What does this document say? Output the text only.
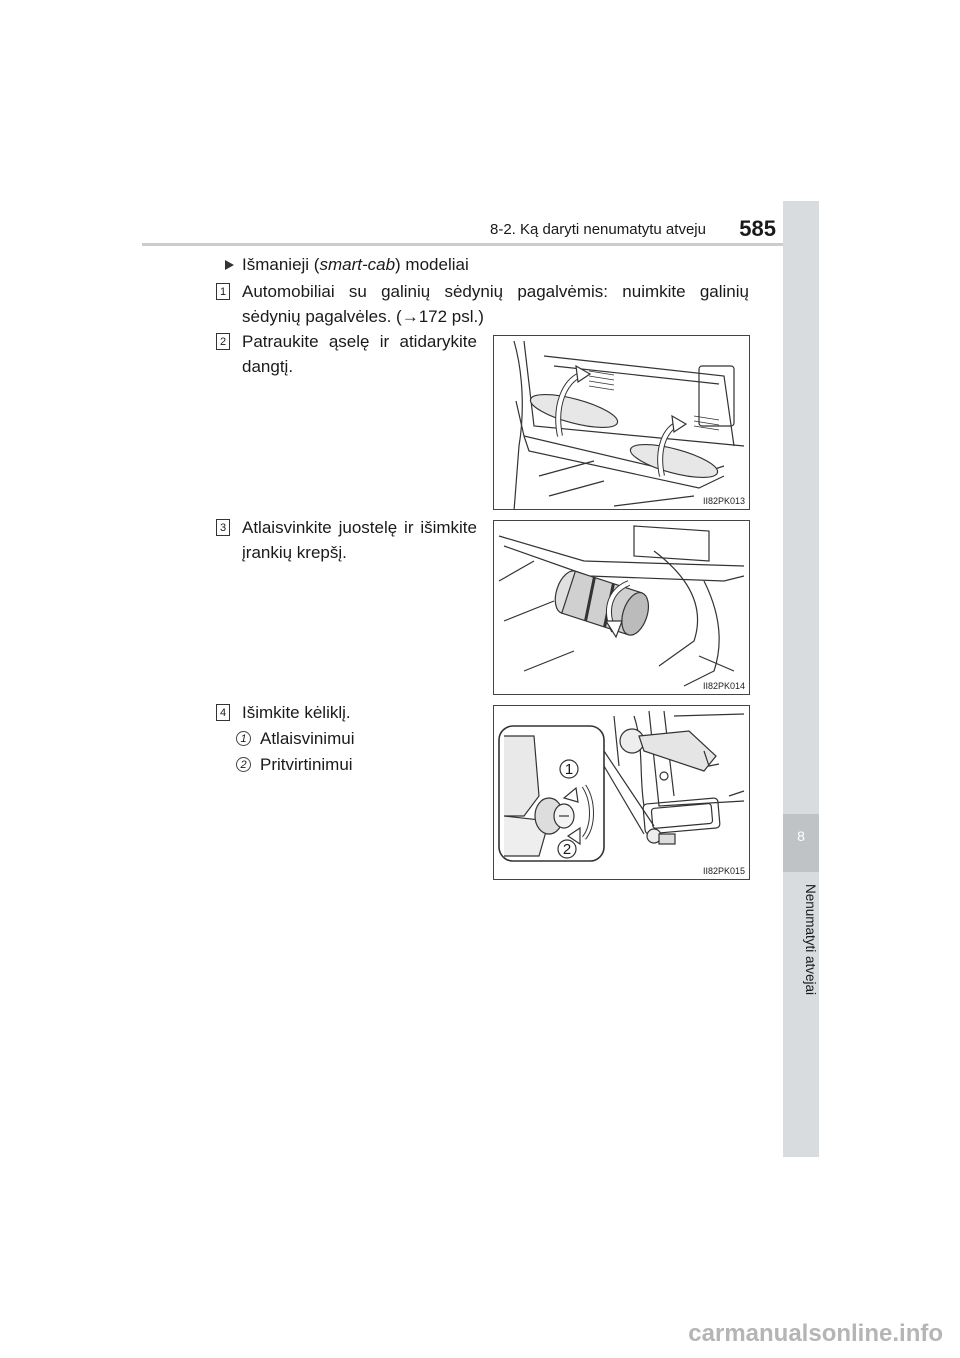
8-2. Ką daryti nenumatytu atveju	585
8
Nenumatyti atvejai
Išmanieji (smart-cab) modeliai
1 Automobiliai su galinių sėdynių pagalvėmis: nuimkite galinių
sėdynių pagalvėles. (→172 psl.)
2 Patraukite ąselę ir atidarykite
dangtį.
II82PK013
3 Atlaisvinkite juostelę ir išimkite
įrankių krepšį.
II82PK014
4 Išimkite kėliklį.
1 Atlaisvinimui
2 Pritvirtinimui	1
2
II82PK015
carmanualsonline.info
